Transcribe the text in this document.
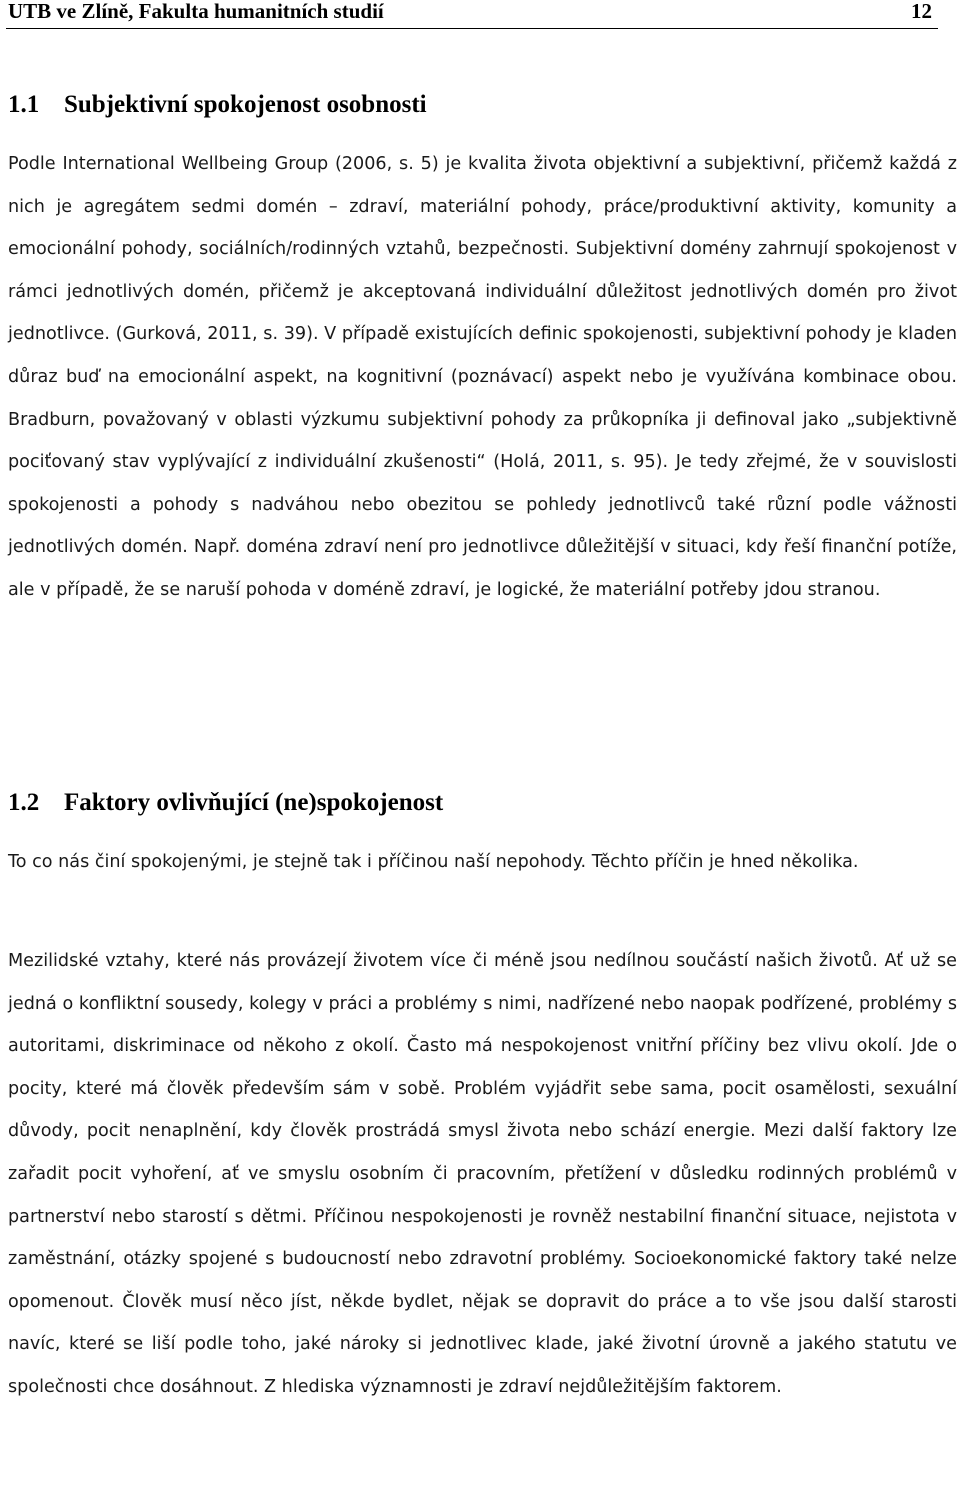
UTB ve Zlíně, Fakulta humanitních studií	12
1.1 Subjektivní spokojenost osobnosti

Podle International Wellbeing Group (2006, s. 5) je kvalita života objektivní a subjektivní, přičemž každá z nich je agregátem sedmi domén – zdraví, materiální pohody, práce/produktivní aktivity, komunity a emocionální pohody, sociálních/rodinných vztahů, bezpečnosti. Subjektivní domény zahrnují spokojenost v rámci jednotlivých domén, přičemž je akceptovaná individuální důležitost jednotlivých domén pro život jednotlivce. (Gurková, 2011, s. 39). V případě existujících definic spokojenosti, subjektivní pohody je kladen důraz buď na emocionální aspekt, na kognitivní (poznávací) aspekt nebo je využívána kombinace obou. Bradburn, považovaný v oblasti výzkumu subjektivní pohody za průkopníka ji definoval jako „subjektivně pociťovaný stav vyplývající z individuální zkušenosti“ (Holá, 2011, s. 95). Je tedy zřejmé, že v souvislosti spokojenosti a pohody s nadváhou nebo obezitou se pohledy jednotlivců také různí podle vážnosti jednotlivých domén. Např. doména zdraví není pro jednotlivce důležitější v situaci, kdy řeší finanční potíže, ale v případě, že se naruší pohoda v doméně zdraví, je logické, že materiální potřeby jdou stranou.

1.2 Faktory ovlivňující (ne)spokojenost

To co nás činí spokojenými, je stejně tak i příčinou naší nepohody. Těchto příčin je hned několika.

Mezilidské vztahy, které nás provázejí životem více či méně jsou nedílnou součástí našich životů. Ať už se jedná o konfliktní sousedy, kolegy v práci a problémy s nimi, nadřízené nebo naopak podřízené, problémy s autoritami, diskriminace od někoho z okolí. Často má nespokojenost vnitřní příčiny bez vlivu okolí. Jde o pocity, které má člověk především sám v sobě. Problém vyjádřit sebe sama, pocit osamělosti, sexuální důvody, pocit nenaplnění, kdy člověk prostrádá smysl života nebo schází energie. Mezi další faktory lze zařadit pocit vyhoření, ať ve smyslu osobním či pracovním, přetížení v důsledku rodinných problémů v partnerství nebo starostí s dětmi. Příčinou nespokojenosti je rovněž nestabilní finanční situace, nejistota v zaměstnání, otázky spojené s budoucností nebo zdravotní problémy. Socioekonomické faktory také nelze opomenout. Člověk musí něco jíst, někde bydlet, nějak se dopravit do práce a to vše jsou další starosti navíc, které se liší podle toho, jaké nároky si jednotlivec klade, jaké životní úrovně a jakého statutu ve společnosti chce dosáhnout. Z hlediska významnosti je zdraví nejdůležitějším faktorem.
